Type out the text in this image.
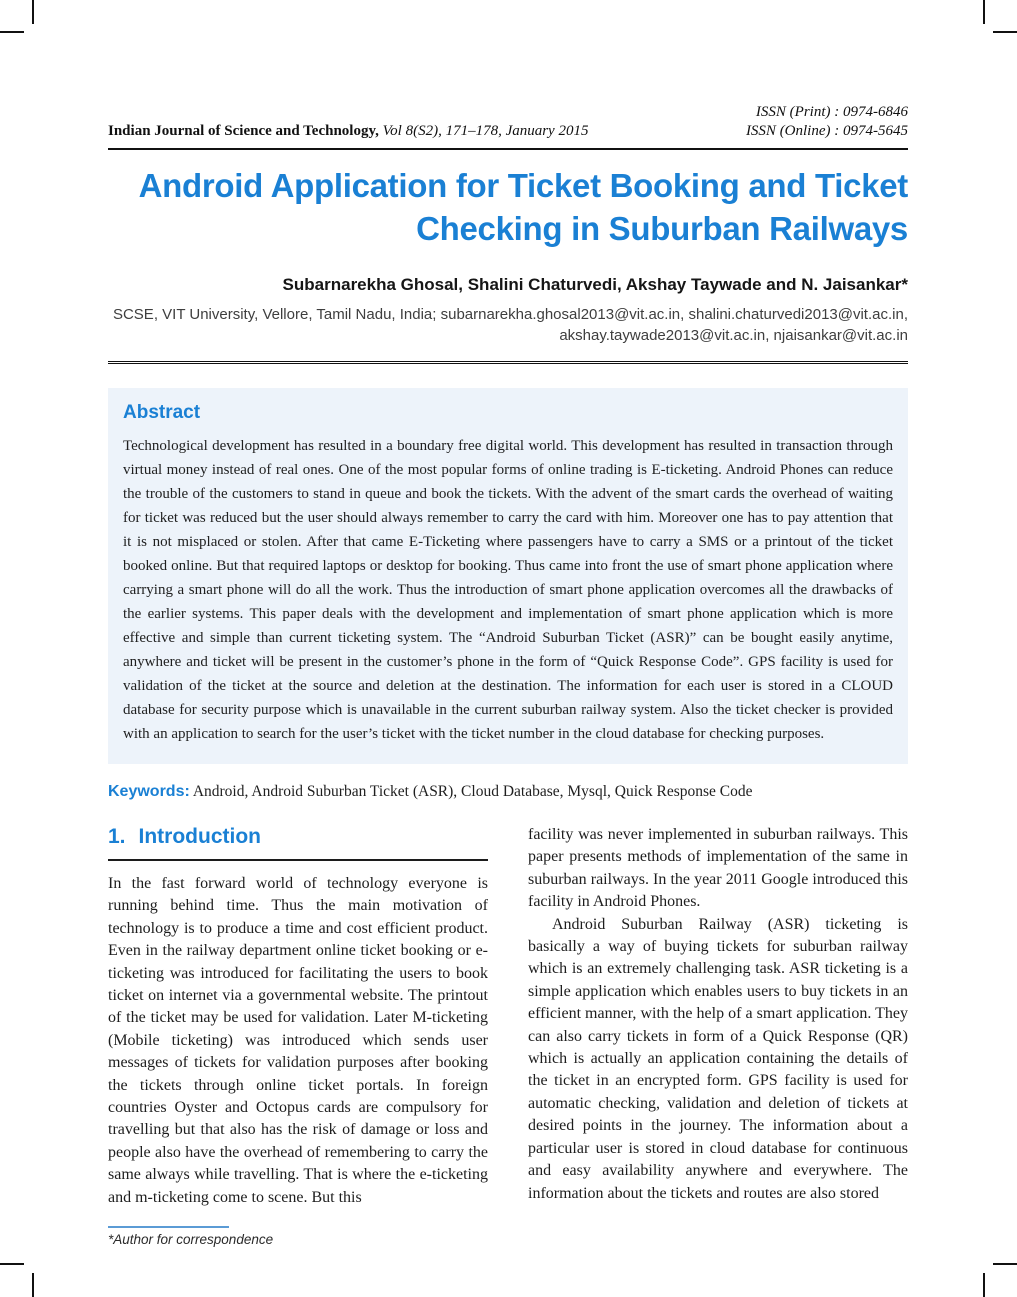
Indian Journal of Science and Technology, Vol 8(S2), 171–178, January 2015
ISSN (Print) : 0974-6846
ISSN (Online) : 0974-5645
Android Application for Ticket Booking and Ticket
Checking in Suburban Railways
Subarnarekha Ghosal, Shalini Chaturvedi, Akshay Taywade and N. Jaisankar*
SCSE, VIT University, Vellore, Tamil Nadu, India; subarnarekha.ghosal2013@vit.ac.in, shalini.chaturvedi2013@vit.ac.in,
akshay.taywade2013@vit.ac.in, njaisankar@vit.ac.in
Abstract

Technological development has resulted in a boundary free digital world. This development has resulted in transaction through virtual money instead of real ones. One of the most popular forms of online trading is E-ticketing. Android Phones can reduce the trouble of the customers to stand in queue and book the tickets. With the advent of the smart cards the overhead of waiting for ticket was reduced but the user should always remember to carry the card with him. Moreover one has to pay attention that it is not misplaced or stolen. After that came E-Ticketing where passengers have to carry a SMS or a printout of the ticket booked online. But that required laptops or desktop for booking. Thus came into front the use of smart phone application where carrying a smart phone will do all the work. Thus the introduction of smart phone application overcomes all the drawbacks of the earlier systems. This paper deals with the development and implementation of smart phone application which is more effective and simple than current ticketing system. The “Android Suburban Ticket (ASR)” can be bought easily anytime, anywhere and ticket will be present in the customer’s phone in the form of “Quick Response Code”. GPS facility is used for validation of the ticket at the source and deletion at the destination. The information for each user is stored in a CLOUD database for security purpose which is unavailable in the current suburban railway system. Also the ticket checker is provided with an application to search for the user’s ticket with the ticket number in the cloud database for checking purposes.

Keywords: Android, Android Suburban Ticket (ASR), Cloud Database, Mysql, Quick Response Code
1. Introduction

In the fast forward world of technology everyone is running behind time. Thus the main motivation of technology is to produce a time and cost efficient product. Even in the railway department online ticket booking or e-ticketing was introduced for facilitating the users to book ticket on internet via a governmental website. The printout of the ticket may be used for validation. Later M-ticketing (Mobile ticketing) was introduced which sends user messages of tickets for validation purposes after booking the tickets through online ticket portals. In foreign countries Oyster and Octopus cards are compulsory for travelling but that also has the risk of damage or loss and people also have the overhead of remembering to carry the same always while travelling. That is where the e-ticketing and m-ticketing come to scene. But this

*Author for correspondence

facility was never implemented in suburban railways. This paper presents methods of implementation of the same in suburban railways. In the year 2011 Google introduced this facility in Android Phones.

Android Suburban Railway (ASR) ticketing is basically a way of buying tickets for suburban railway which is an extremely challenging task. ASR ticketing is a simple application which enables users to buy tickets in an efficient manner, with the help of a smart application. They can also carry tickets in form of a Quick Response (QR) which is actually an application containing the details of the ticket in an encrypted form. GPS facility is used for automatic checking, validation and deletion of tickets at desired points in the journey. The information about a particular user is stored in cloud database for continuous and easy availability anywhere and everywhere. The information about the tickets and routes are also stored
